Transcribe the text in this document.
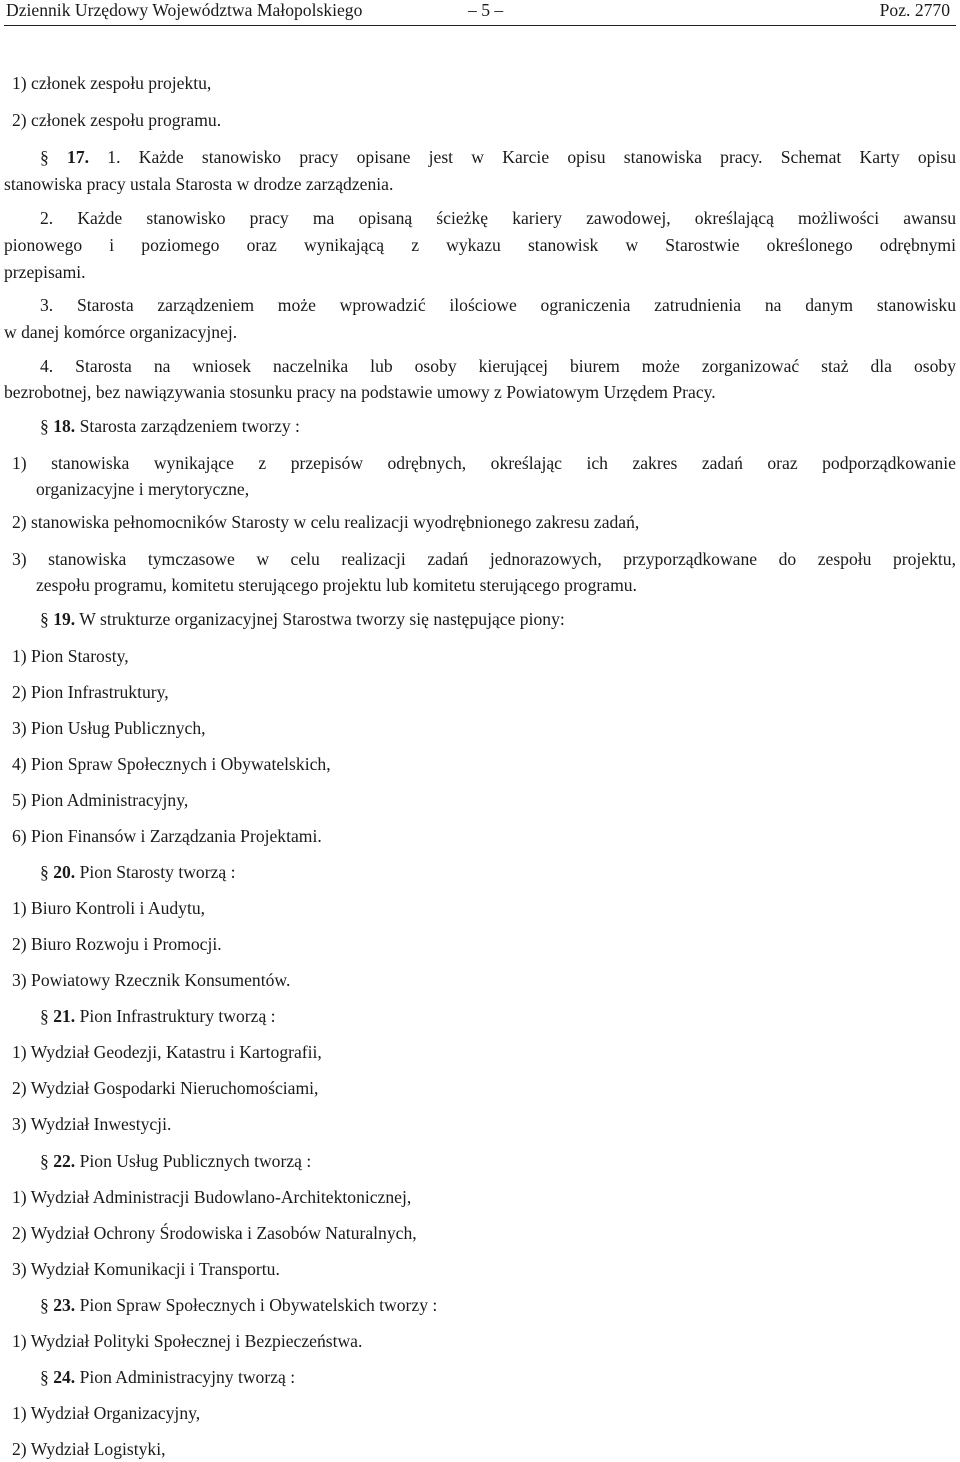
Dziennik Urzędowy Województwa Małopolskiego	– 5 –	Poz. 2770
1) członek zespołu projektu,
2) członek zespołu programu.
§ 17. 1. Każde stanowisko pracy opisane jest w Karcie opisu stanowiska pracy. Schemat Karty opisu
stanowiska pracy ustala Starosta w drodze zarządzenia.
2. Każde stanowisko pracy ma opisaną ścieżkę kariery zawodowej, określającą możliwości awansu
pionowego i poziomego oraz wynikającą z wykazu stanowisk w Starostwie określonego odrębnymi
przepisami.
3. Starosta zarządzeniem może wprowadzić ilościowe ograniczenia zatrudnienia na danym stanowisku
w danej komórce organizacyjnej.
4. Starosta na wniosek naczelnika lub osoby kierującej biurem może zorganizować staż dla osoby
bezrobotnej, bez nawiązywania stosunku pracy na podstawie umowy z Powiatowym Urzędem Pracy.
§ 18. Starosta zarządzeniem tworzy :
1) stanowiska wynikające z przepisów odrębnych, określając ich zakres zadań oraz podporządkowanie
organizacyjne i merytoryczne,
2) stanowiska pełnomocników Starosty w celu realizacji wyodrębnionego zakresu zadań,
3) stanowiska tymczasowe w celu realizacji zadań jednorazowych, przyporządkowane do zespołu projektu,
zespołu programu, komitetu sterującego projektu lub komitetu sterującego programu.
§ 19. W strukturze organizacyjnej Starostwa tworzy się następujące piony:
1) Pion Starosty,
2) Pion Infrastruktury,
3) Pion Usług Publicznych,
4) Pion Spraw Społecznych i Obywatelskich,
5) Pion Administracyjny,
6) Pion Finansów i Zarządzania Projektami.
§ 20. Pion Starosty tworzą :
1) Biuro Kontroli i Audytu,
2) Biuro Rozwoju i Promocji.
3) Powiatowy Rzecznik Konsumentów.
§ 21. Pion Infrastruktury tworzą :
1) Wydział Geodezji, Katastru i Kartografii,
2) Wydział Gospodarki Nieruchomościami,
3) Wydział Inwestycji.
§ 22. Pion Usług Publicznych tworzą :
1) Wydział Administracji Budowlano-Architektonicznej,
2) Wydział Ochrony Środowiska i Zasobów Naturalnych,
3) Wydział Komunikacji i Transportu.
§ 23. Pion Spraw Społecznych i Obywatelskich tworzy :
1) Wydział Polityki Społecznej i Bezpieczeństwa.
§ 24. Pion Administracyjny tworzą :
1) Wydział Organizacyjny,
2) Wydział Logistyki,
